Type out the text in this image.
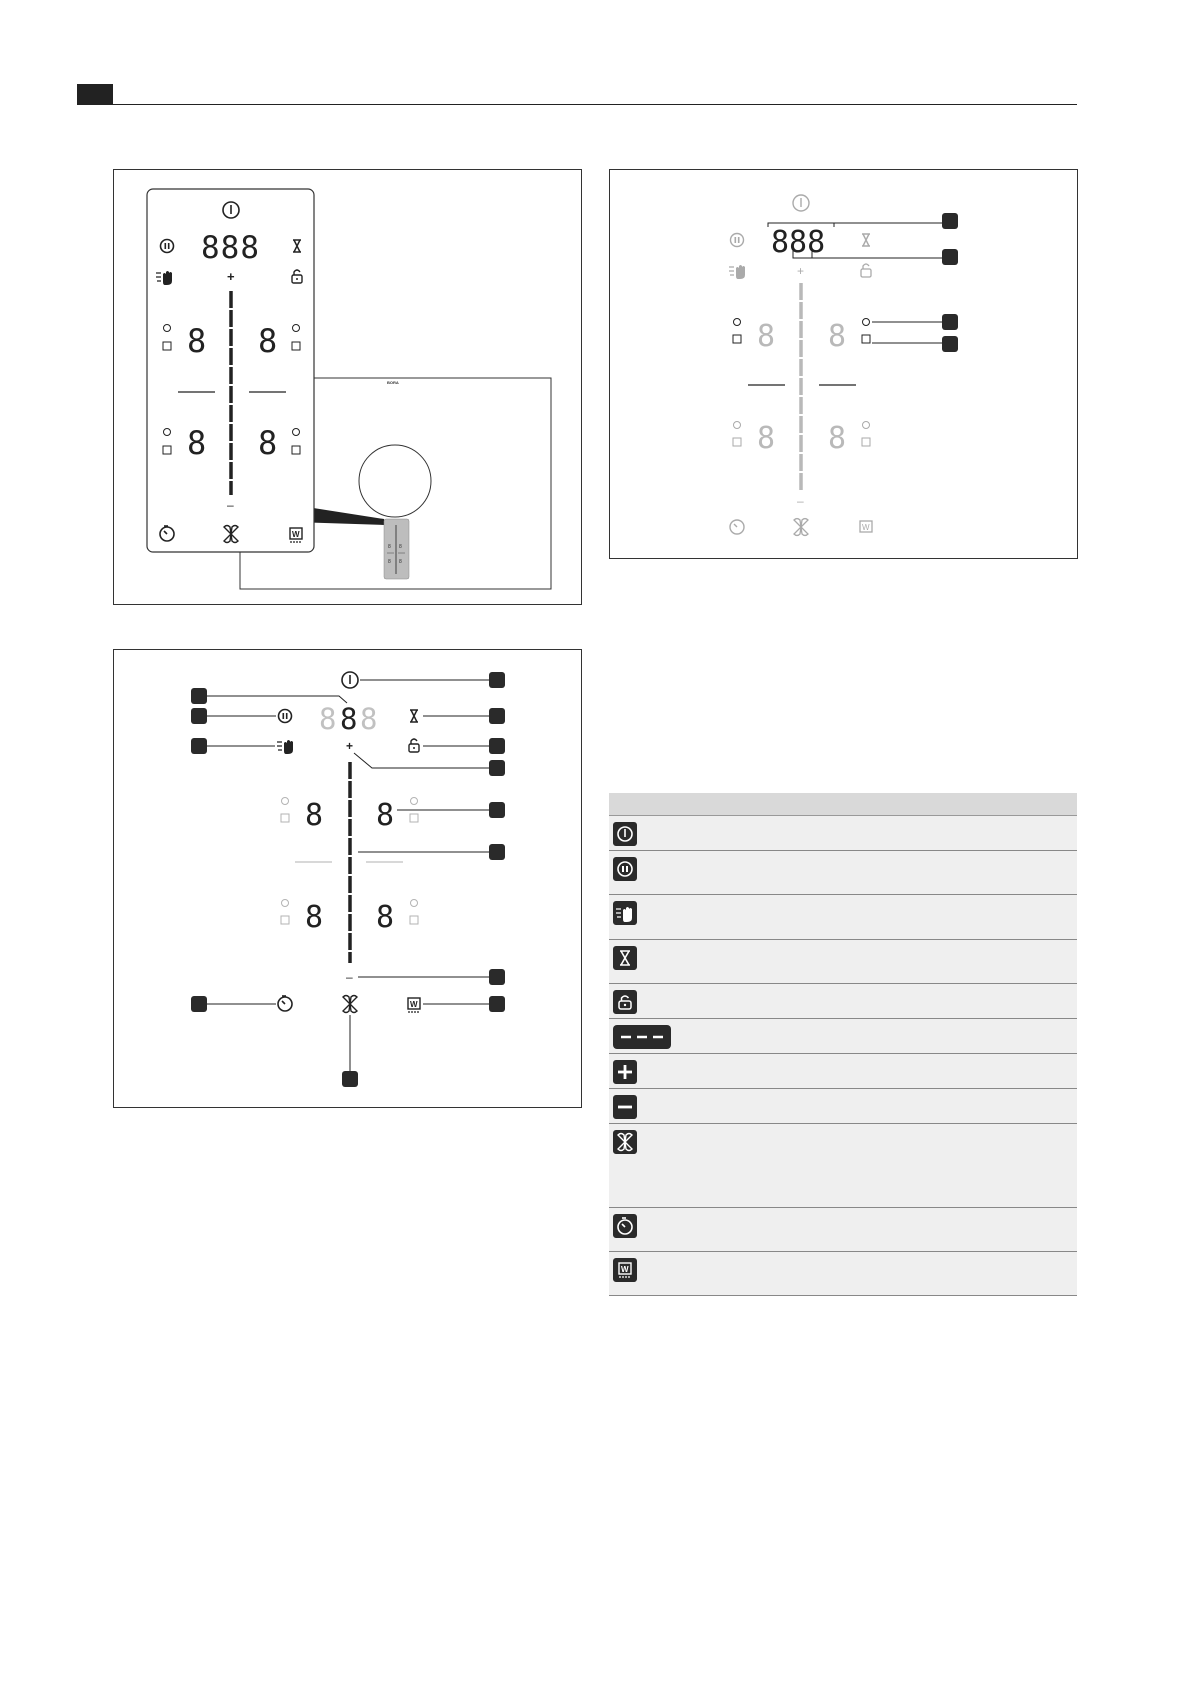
BORA
8 8
8 8
888
+
–
8 8
8 8
W
+
–
8 8
8 8
W
888
8 8
8
+
–
8 8
8 8
W
W
